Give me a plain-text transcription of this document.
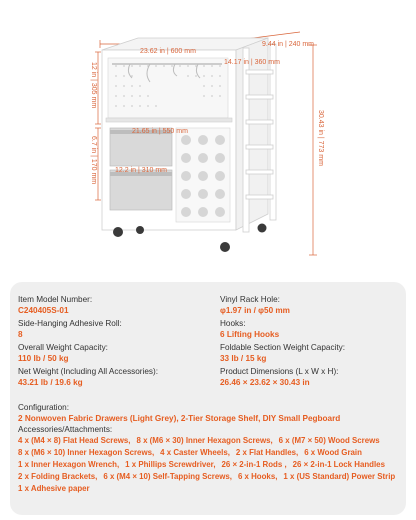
23.62 in | 600 mm
9.44 in | 240 mm
14.17 in | 360 mm
21.65 in | 550 mm
12.2 in | 310 mm
30.43 in | 773 mm
12 in | 305 mm
6.7 in | 170 mm
Item Model Number:
C240405S-01
Vinyl Rack Hole:
φ1.97 in / φ50 mm
Side-Hanging Adhesive Roll:
8
Hooks:
6 Lifting Hooks
Overall Weight Capacity:
110 lb / 50 kg
Foldable Section Weight Capacity:
33 lb / 15 kg
Net Weight (Including All Accessories):
43.21 lb / 19.6 kg
Product Dimensions (L x W x H):
26.46 × 23.62 × 30.43 in
Configuration:
2 Nonwoven Fabric Drawers (Light Grey), 2-Tier Storage Shelf, DIY Small Pegboard
Accessories/Attachments:
4 x (M4 × 8) Flat Head Screws, 8 x (M6 × 30) Inner Hexagon Screws, 6 x (M7 × 50) Wood Screws
8 x (M6 × 10) Inner Hexagon Screws, 4 x Caster Wheels, 2 x Flat Handles, 6 x Wood Grain
1 x Inner Hexagon Wrench, 1 x Phillips Screwdriver, 26 × 2-in-1 Rods , 26 × 2-in-1 Lock Handles
2 x Folding Brackets, 6 x (M4 × 10) Self-Tapping Screws, 6 x Hooks, 1 x (US Standard) Power Strip
1 x Adhesive paper
